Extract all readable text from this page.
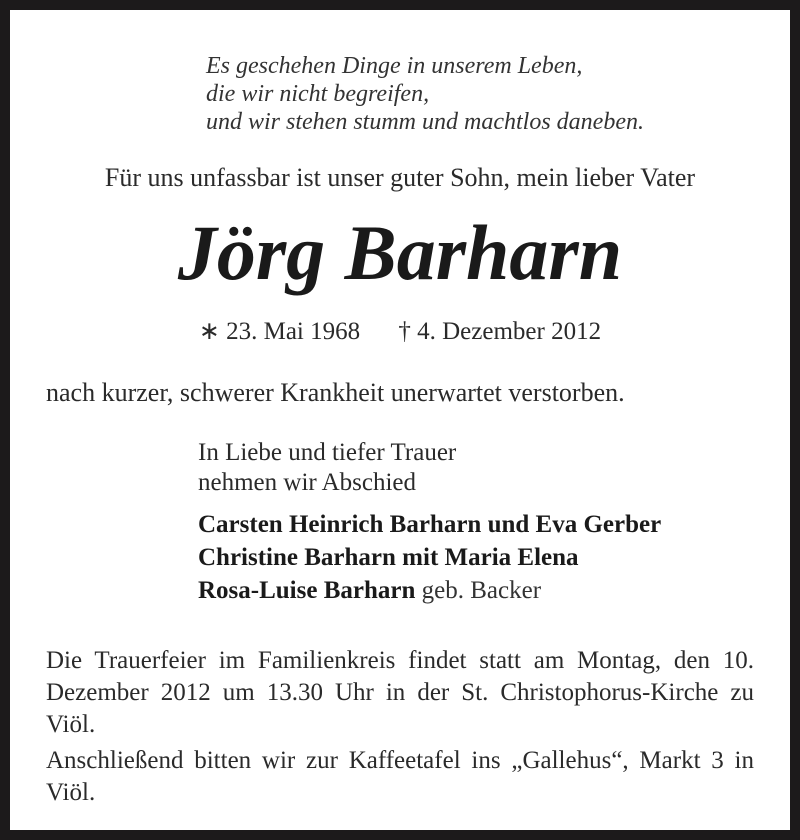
Es geschehen Dinge in unserem Leben,
die wir nicht begreifen,
und wir stehen stumm und machtlos daneben.
Für uns unfassbar ist unser guter Sohn, mein lieber Vater
Jörg Barharn
∗ 23. Mai 1968 † 4. Dezember 2012
nach kurzer, schwerer Krankheit unerwartet verstorben.
In Liebe und tiefer Trauer
nehmen wir Abschied
Carsten Heinrich Barharn und Eva Gerber
Christine Barharn mit Maria Elena
Rosa-Luise Barharn geb. Backer

Die Trauerfeier im Familienkreis findet statt am Montag, den 10. Dezember 2012 um 13.30 Uhr in der St. Christophorus-Kirche zu Viöl.

Anschließend bitten wir zur Kaffeetafel ins „Gallehus“, Markt 3 in Viöl.
